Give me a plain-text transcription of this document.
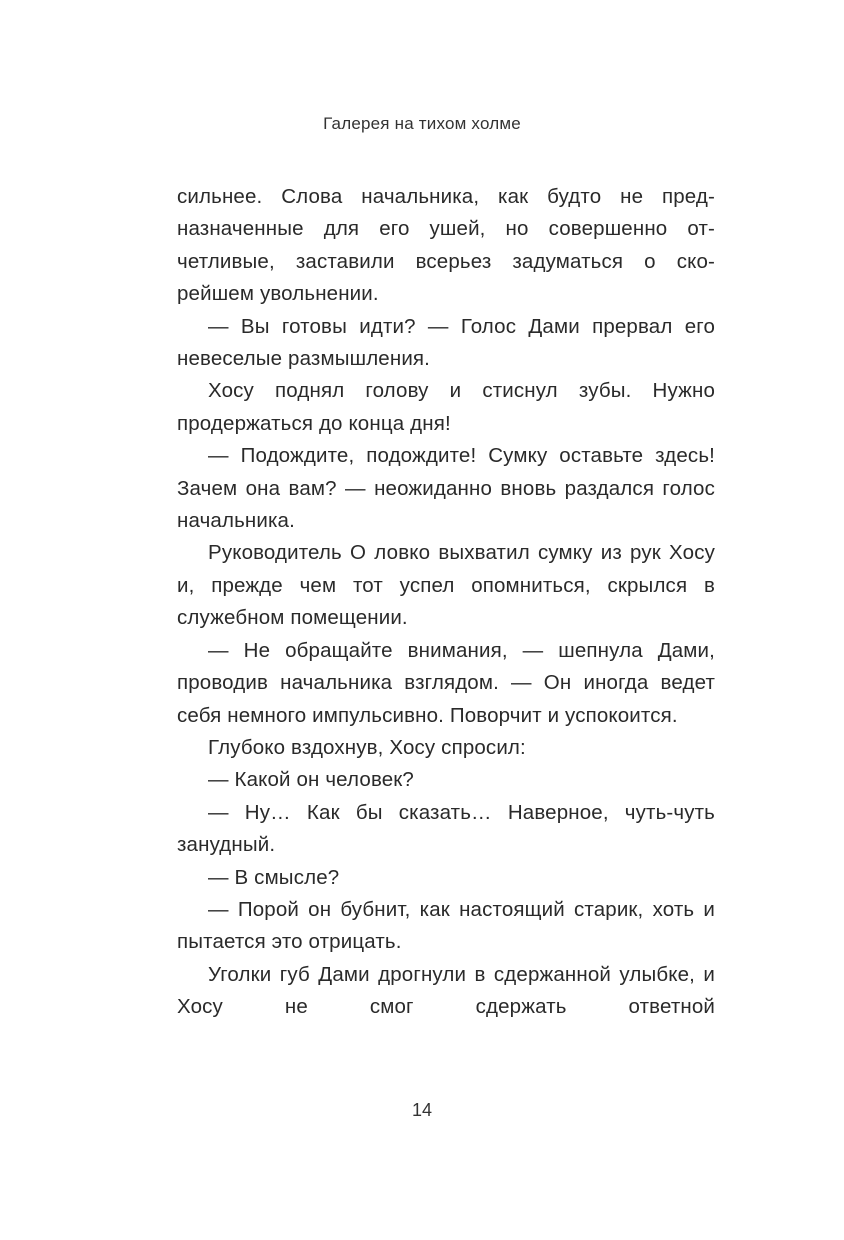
Галерея на тихом холме

сильнее. Слова начальника, как будто не пред-назначенные для его ушей, но совершенно от-четливые, заставили всерьез задуматься о ско-рейшем увольнении.

— Вы готовы идти? — Голос Дами прервал его невеселые размышления.

Хосу поднял голову и стиснул зубы. Нужно продержаться до конца дня!

— Подождите, подождите! Сумку оставьте здесь! Зачем она вам? — неожиданно вновь раздался голос начальника.

Руководитель О ловко выхватил сумку из рук Хосу и, прежде чем тот успел опомниться, скрылся в служебном помещении.

— Не обращайте внимания, — шепнула Дами, проводив начальника взглядом. — Он иногда ведет себя немного импульсивно. Поворчит и успокоится.

Глубоко вздохнув, Хосу спросил:

— Какой он человек?

— Ну… Как бы сказать… Наверное, чуть-чуть занудный.

— В смысле?

— Порой он бубнит, как настоящий старик, хоть и пытается это отрицать.

Уголки губ Дами дрогнули в сдержанной улыбке, и Хосу не смог сдержать ответной

14
